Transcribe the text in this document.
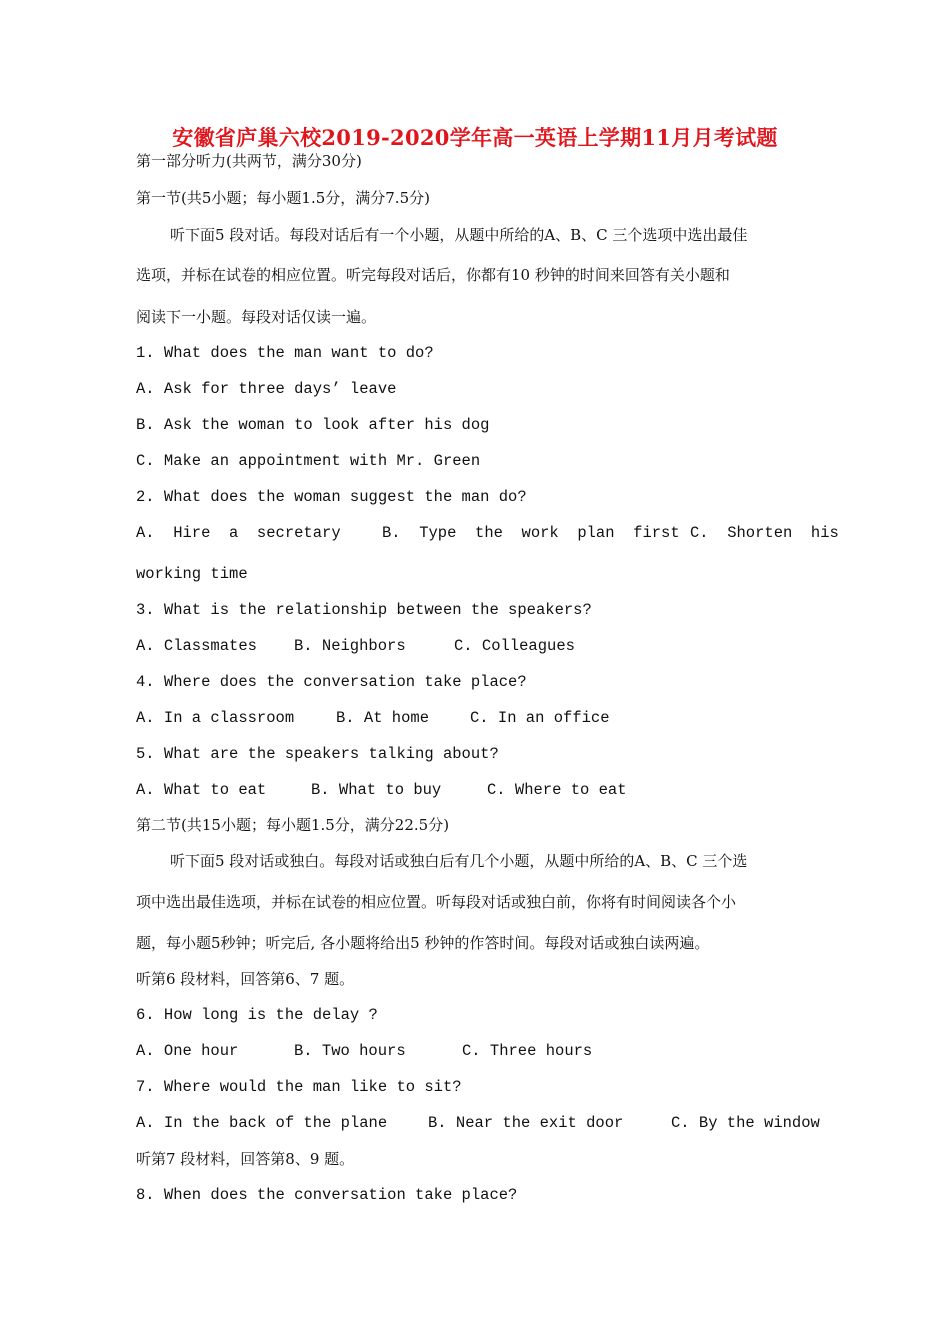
安徽省庐巢六校2019-2020学年高一英语上学期11月月考试题
第一部分听力(共两节，满分30分)
第一节(共5小题；每小题1.5分，满分7.5分)
听下面5 段对话。每段对话后有一个小题，从题中所给的A、B、C 三个选项中选出最佳
选项，并标在试卷的相应位置。听完每段对话后，你都有10 秒钟的时间来回答有关小题和
阅读下一小题。每段对话仅读一遍。
1. What does the man want to do?
A. Ask for three days’ leave
B. Ask the woman to look after his dog
C. Make an appointment with Mr. Green
2. What does the woman suggest the man do?
A.  Hire  a  secretary	B.  Type  the  work  plan  first C.  Shorten  his
working time
3. What is the relationship between the speakers?
A. Classmates B. Neighbors	C. Colleagues
4. Where does the conversation take place?
A. In a classroom	B. At home	C. In an office
5. What are the speakers talking about?
A. What to eat	B. What to buy	C. Where to eat
第二节(共15小题；每小题1.5分，满分22.5分)
听下面5 段对话或独白。每段对话或独白后有几个小题，从题中所给的A、B、C 三个选
项中选出最佳选项，并标在试卷的相应位置。听每段对话或独白前，你将有时间阅读各个小
题，每小题5秒钟；听完后, 各小题将给出5 秒钟的作答时间。每段对话或独白读两遍。
听第6 段材料，回答第6、7 题。
6. How long is the delay ?
A. One hour	B. Two hours	C. Three hours
7. Where would the man like to sit?
A. In the back of the plane	B. Near the exit door	C. By the window
听第7 段材料，回答第8、9 题。
8. When does the conversation take place?
